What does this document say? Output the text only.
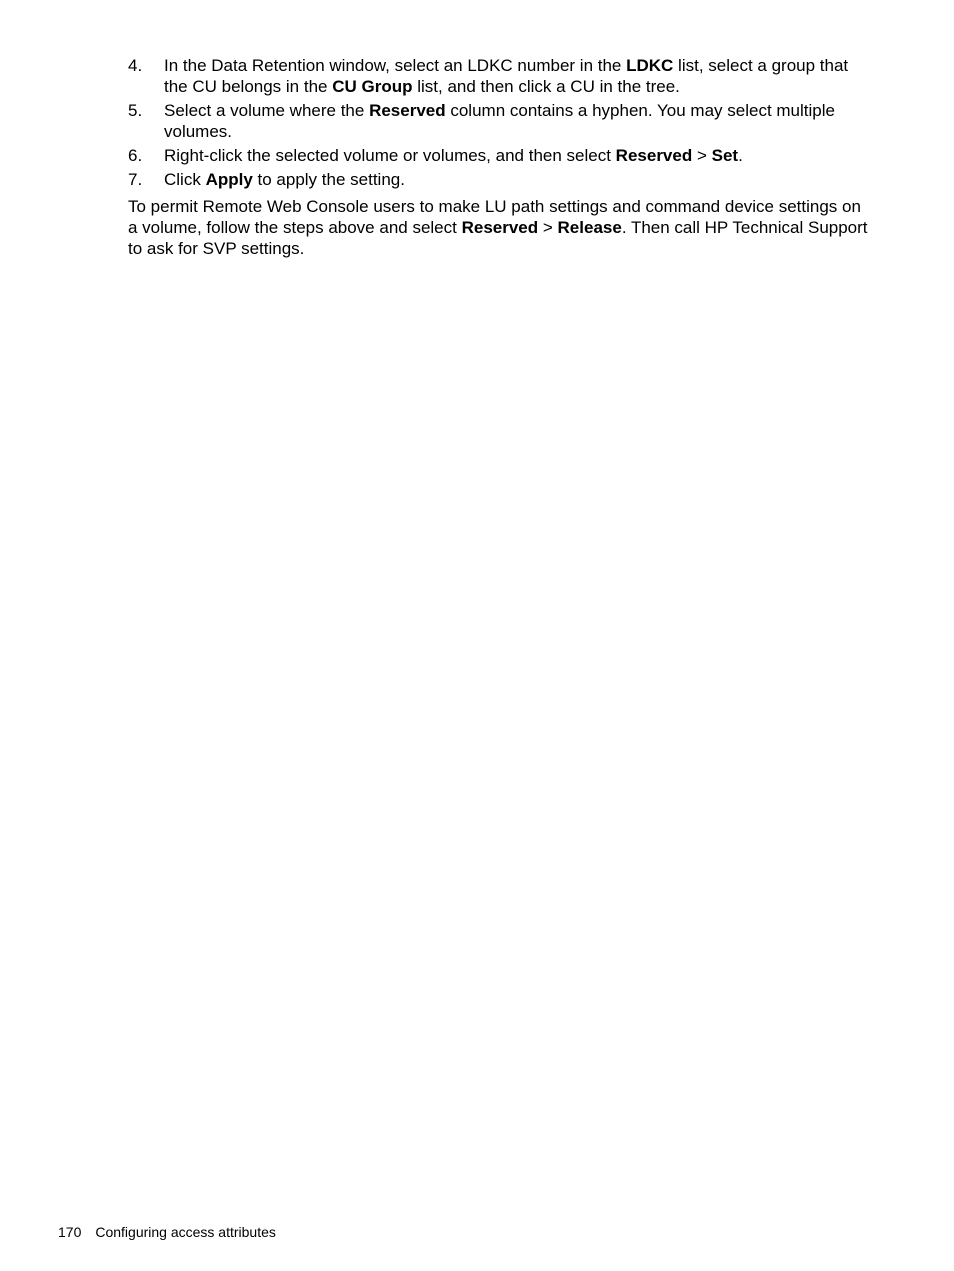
4. In the Data Retention window, select an LDKC number in the LDKC list, select a group that the CU belongs in the CU Group list, and then click a CU in the tree.
5. Select a volume where the Reserved column contains a hyphen. You may select multiple volumes.
6. Right-click the selected volume or volumes, and then select Reserved > Set.
7. Click Apply to apply the setting.

To permit Remote Web Console users to make LU path settings and command device settings on a volume, follow the steps above and select Reserved > Release. Then call HP Technical Support to ask for SVP settings.

170 Configuring access attributes
